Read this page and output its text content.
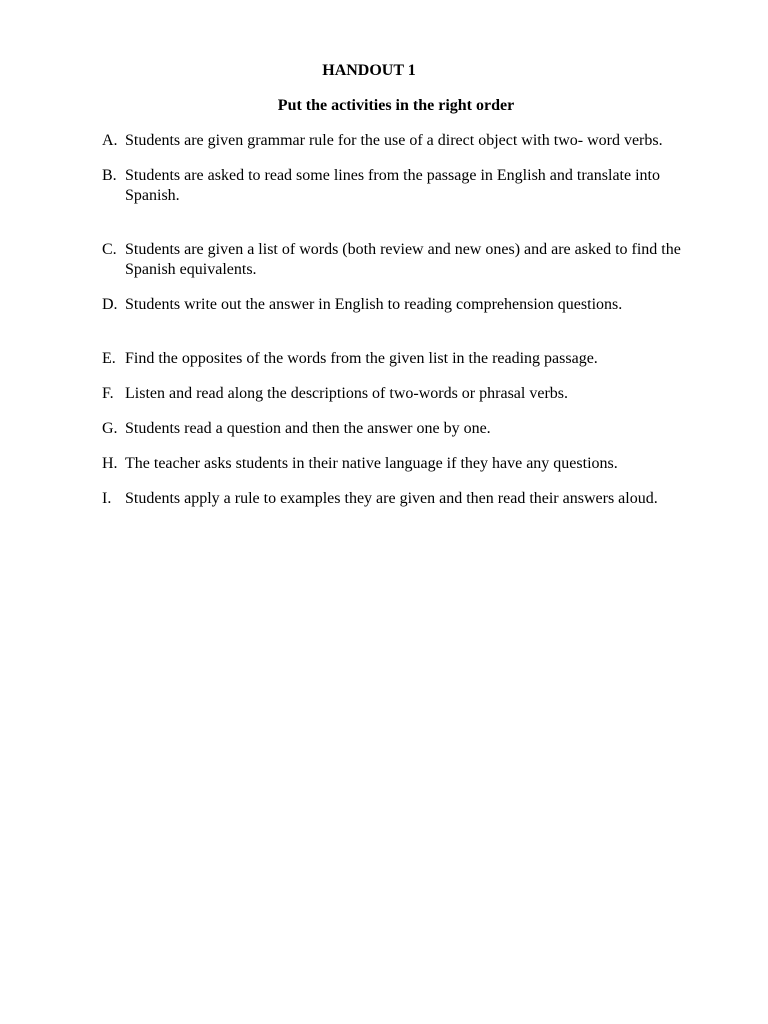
HANDOUT 1
Put the activities in the right order
A. Students are given grammar rule for the use of a direct object with two- word verbs.
B. Students are asked to read some lines from the passage in English and translate into Spanish.
C. Students are given a list of words (both review and new ones) and are asked to find the Spanish equivalents.
D. Students write out the answer in English to reading comprehension questions.
E. Find the opposites of the words from the given list in the reading passage.
F. Listen and read along the descriptions of two-words or phrasal verbs.
G. Students read a question and then the answer one by one.
H. The teacher asks students in their native language if they have any questions.
I. Students apply a rule to examples they are given and then read their answers aloud.
